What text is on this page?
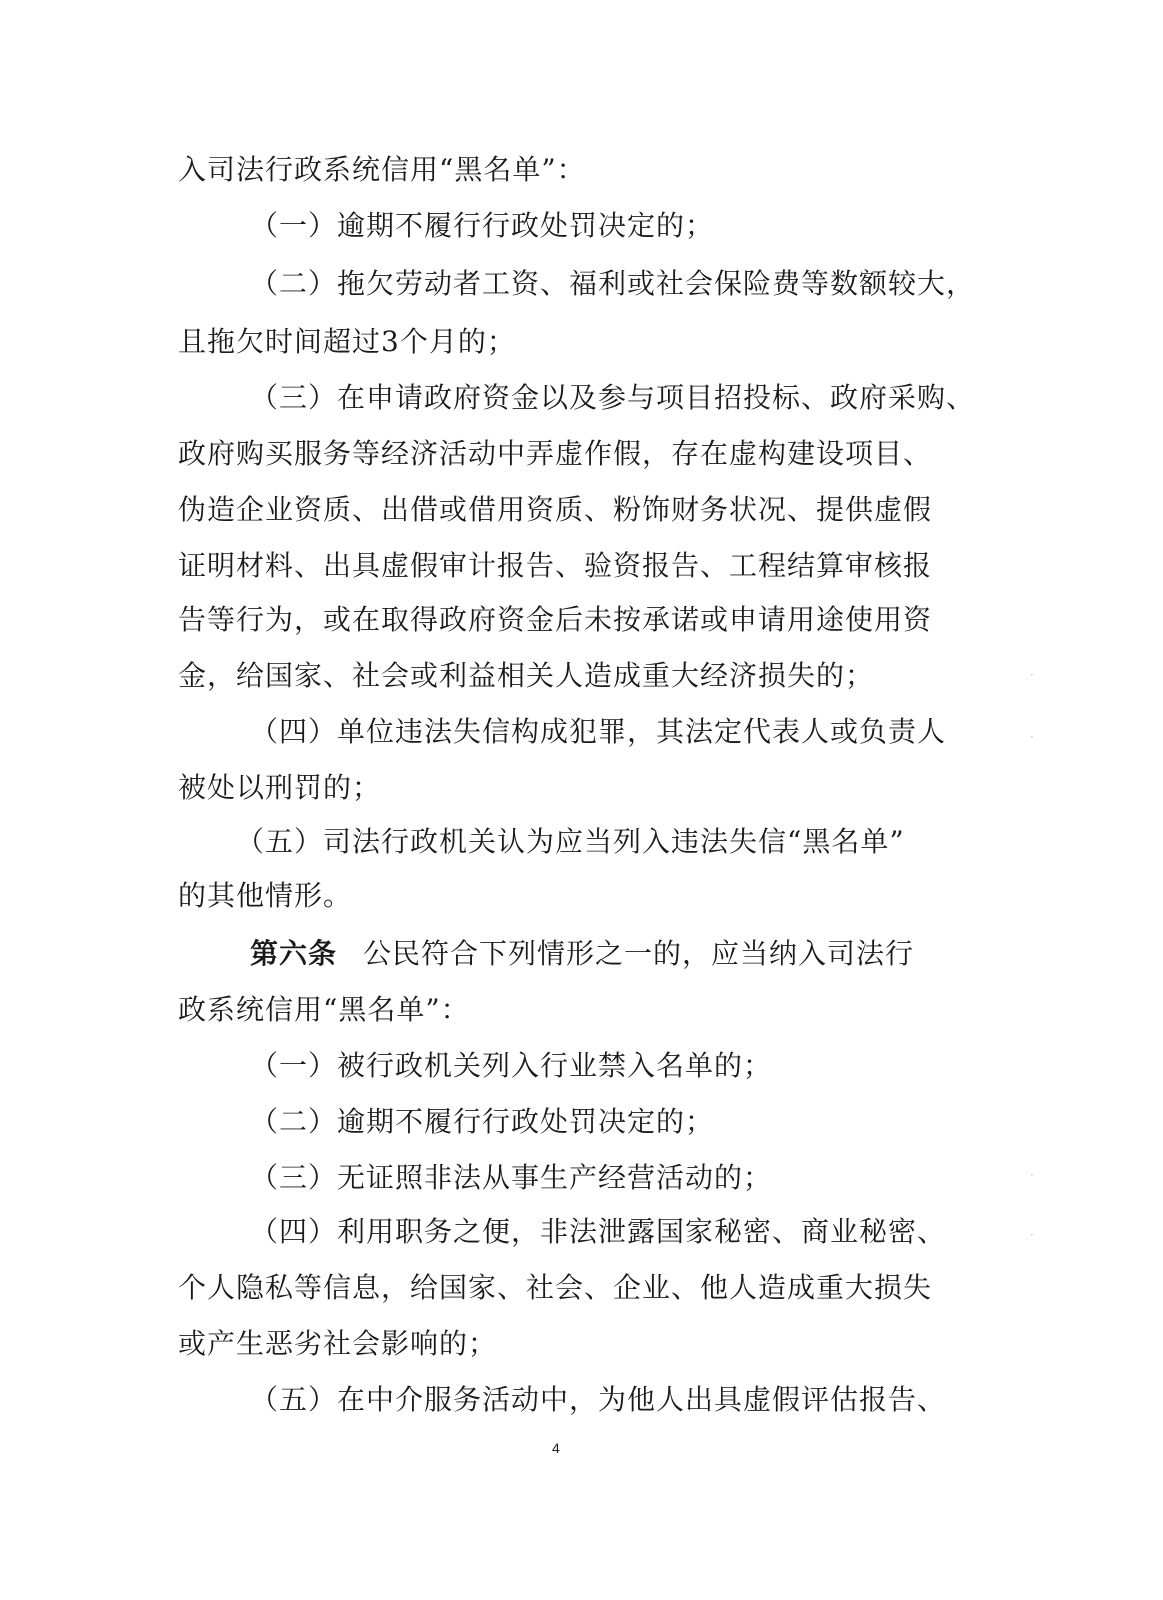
入司法行政系统信用“黑名单”：
（一）逾期不履行行政处罚决定的；
（二）拖欠劳动者工资、福利或社会保险费等数额较大，
且拖欠时间超过3个月的；
（三）在申请政府资金以及参与项目招投标、政府采购、
政府购买服务等经济活动中弄虚作假，存在虚构建设项目、
伪造企业资质、出借或借用资质、粉饰财务状况、提供虚假
证明材料、出具虚假审计报告、验资报告、工程结算审核报
告等行为，或在取得政府资金后未按承诺或申请用途使用资
金，给国家、社会或利益相关人造成重大经济损失的；
（四）单位违法失信构成犯罪，其法定代表人或负责人
被处以刑罚的；
（五）司法行政机关认为应当列入违法失信“黑名单”
的其他情形。
第六条 公民符合下列情形之一的，应当纳入司法行
政系统信用“黑名单”：
（一）被行政机关列入行业禁入名单的；
（二）逾期不履行行政处罚决定的；
（三）无证照非法从事生产经营活动的；
（四）利用职务之便，非法泄露国家秘密、商业秘密、
个人隐私等信息，给国家、社会、企业、他人造成重大损失
或产生恶劣社会影响的；
（五）在中介服务活动中，为他人出具虚假评估报告、
4
·
·
·
·
